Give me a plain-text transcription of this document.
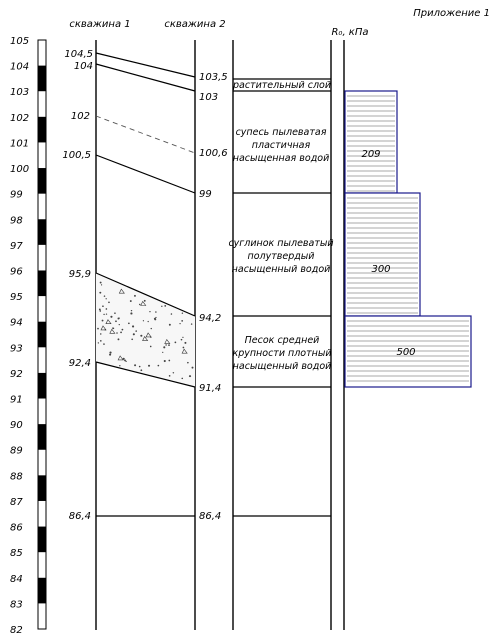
Приложение 1
скважина 1	скважина 2
R₀, кПа
105
104
103
102
101
100
99
98
97
96
95
94
93
92
91
90
89
88
87
86
85
84
83
82
104,5
104
102
100,5
95,9
92,4
86,4
103,5
103
100,6
99
94,2
91,4
86,4
растительный слой
супесь пылеватая
пластичная
насыщенная водой
суглинок пылеватый
полутвердый
насыщенный водой
Песок средней
крупности плотный
насыщенный водой
209
300
500
